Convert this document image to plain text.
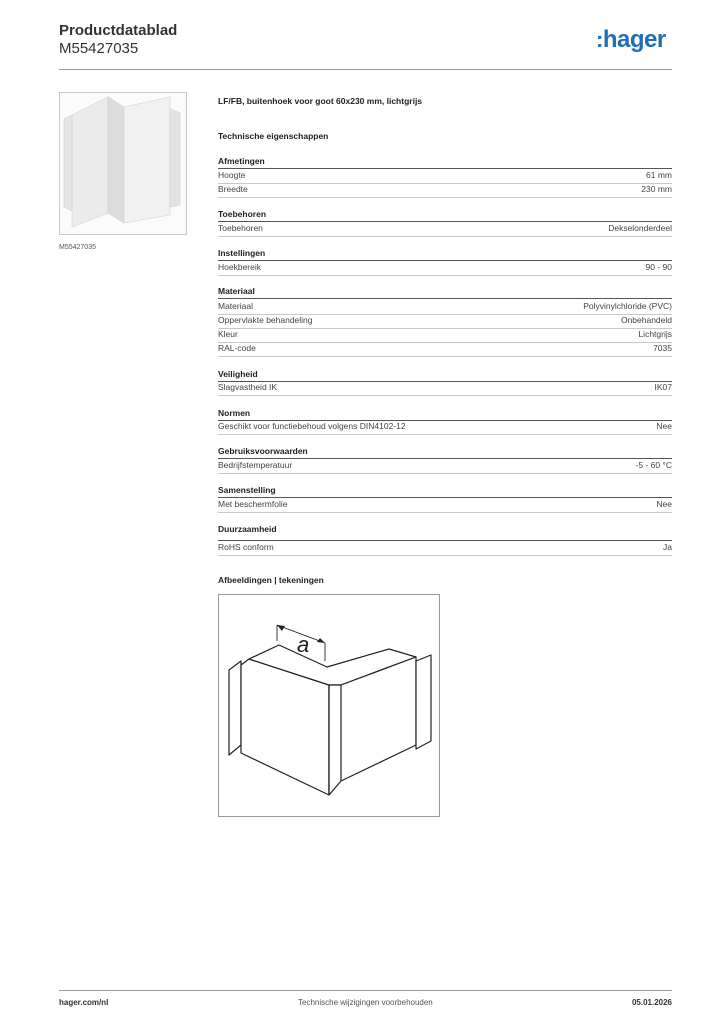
Productdatablad
M55427035	:hager
M55427035
LF/FB, buitenhoek voor goot 60x230 mm, lichtgrijs
Technische eigenschappen
Afmetingen
Hoogte	61 mm
Breedte	230 mm
Toebehoren
Toebehoren	Dekselonderdeel
Instellingen
Hoekbereik	90 - 90
Materiaal
Materiaal	Polyvinylchloride (PVC)
Oppervlakte behandeling	Onbehandeld
Kleur	Lichtgrijs
RAL-code	7035
Veiligheid
Slagvastheid IK	IK07
Normen
Geschikt voor functiebehoud volgens DIN4102-12	Nee
Gebruiksvoorwaarden
Bedrijfstemperatuur	-5 - 60 °C
Samenstelling
Met beschermfolie	Nee
Duurzaamheid
RoHS conform	Ja
Afbeeldingen | tekeningen
a
hager.com/nl	Technische wijzigingen voorbehouden	05.01.2026
